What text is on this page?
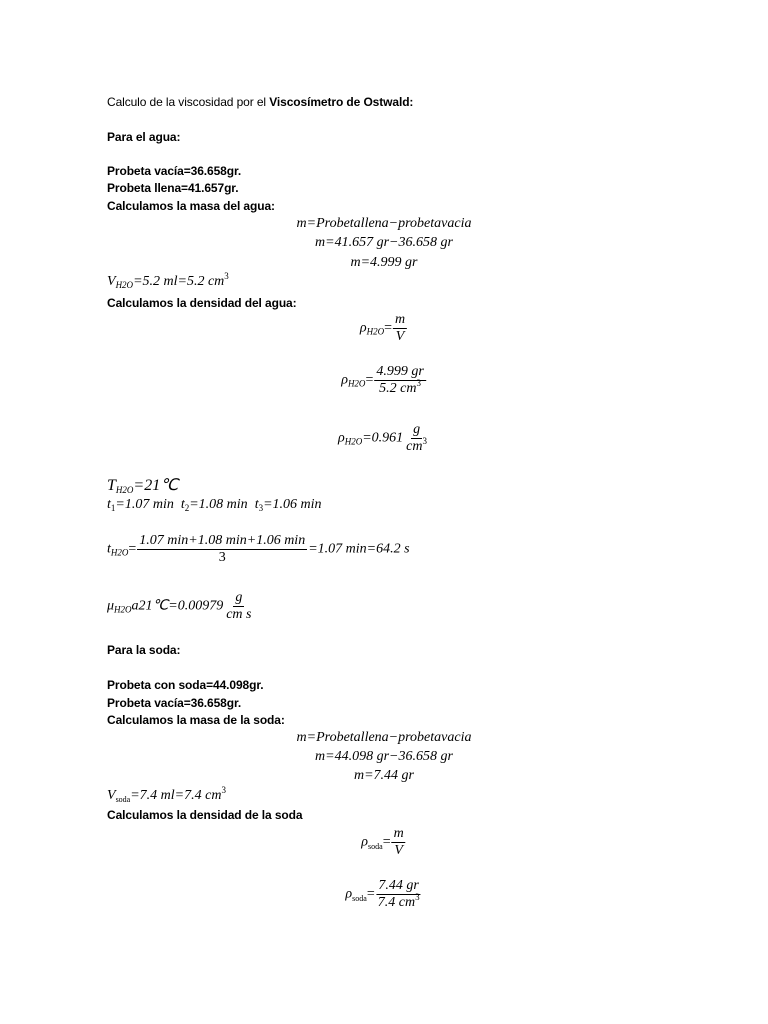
Calculo de la viscosidad por el Viscosímetro de Ostwald:
Para el agua:
Probeta vacía=36.658gr.
Probeta llena=41.657gr.
Calculamos la masa del agua:
m=Probetallena−probetavacia
m=41.657 gr−36.658 gr
m=4.999 gr
$V_{H2O}=5.2$ ml=5.2 $cm^3$
Calculamos la densidad del agua:
$\rho_{H2O}= \frac{m}{V}$
$\rho_{H2O}= \frac{4.999 gr}{5.2 cm^3}$
$\rho_{H2O}=0.961 \frac{g}{cm^3}$
$T_{H2O}=21℃$
$t_1=1.07$ $\min t_2=1.08$ $\min t_3=1.06$ min
$t_{H2O}= \frac{1.07 \min+1.08 \min+1.06 \min}{3} =1.07$ min=64.2 s
$\mu_{H2O}a21℃=0.00979 \frac{g}{\text{cm s}}$
Para la soda:
Probeta con soda=44.098gr.
Probeta vacía=36.658gr.
Calculamos la masa de la soda:
m=Probetallena−probetavacia
m=44.098 gr−36.658 gr
m=7.44 gr
$V_{soda}=7.4$ ml=7.4 $cm^3$
Calculamos la densidad de la soda
$\rho_{soda}= \frac{m}{V}$
$\rho_{soda}= \frac{7.44 gr}{7.4 cm^3}$
